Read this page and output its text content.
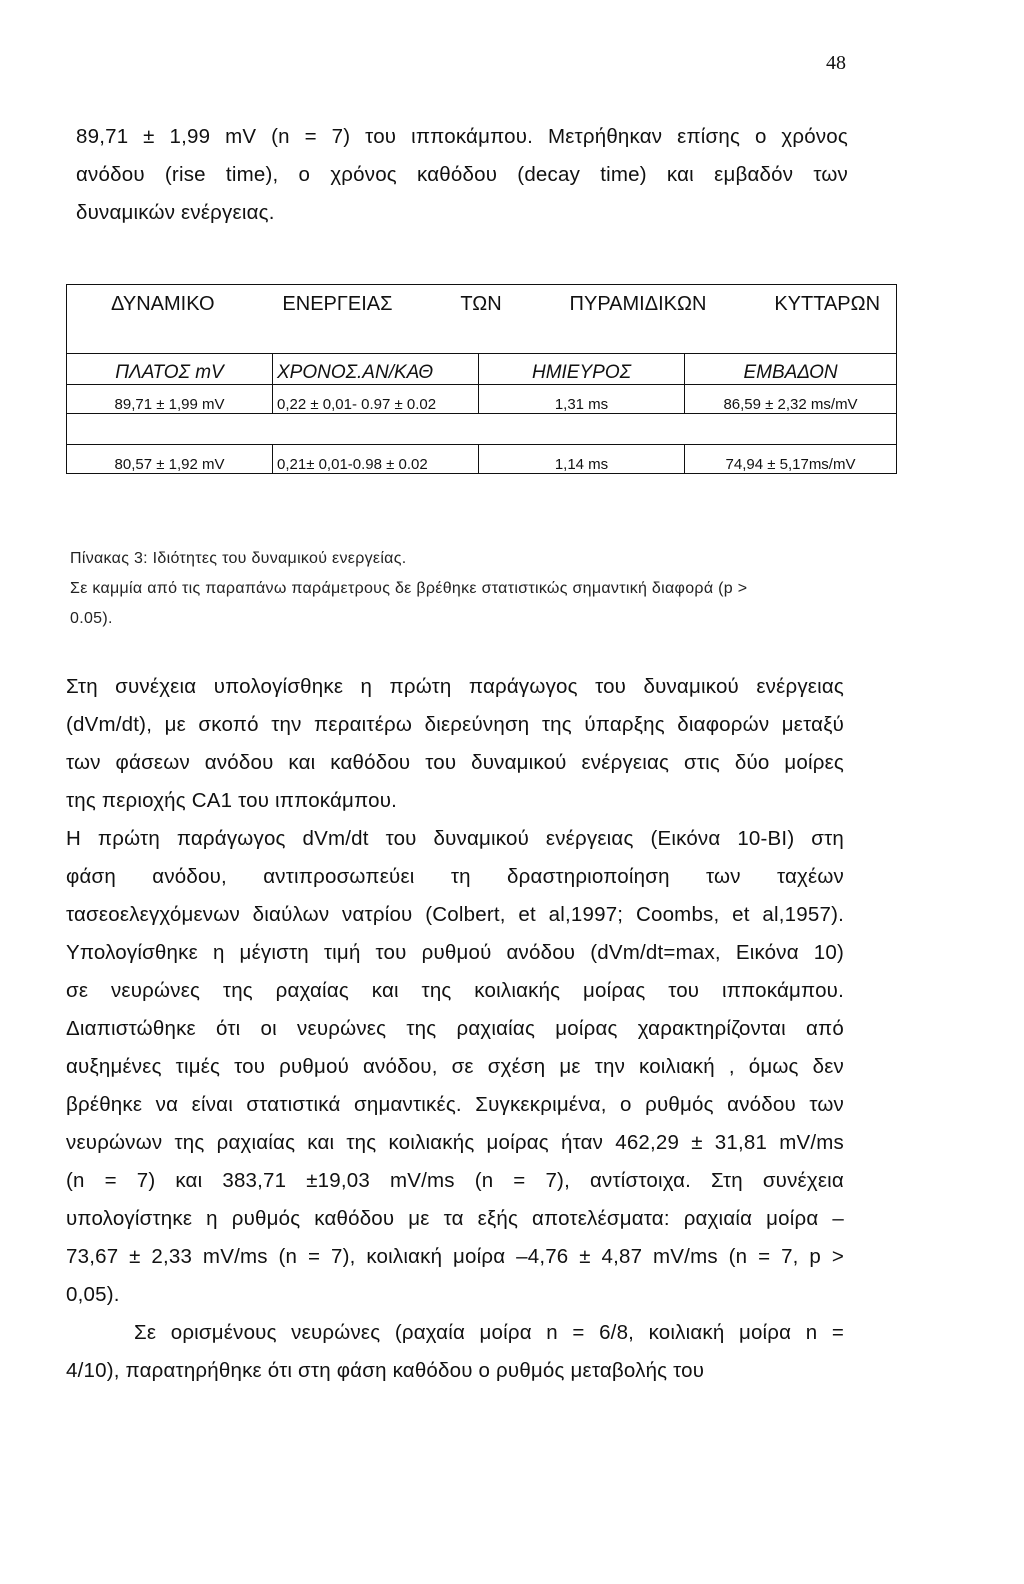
48
89,71 ± 1,99 mV (n = 7) του ιπποκάμπου. Μετρήθηκαν επίσης ο χρόνος
ανόδου (rise time), ο χρόνος καθόδου (decay time) και εμβαδόν των
δυναμικών ενέργειας.
ΔΥΝΑΜΙΚΟ ΕΝΕΡΓΕΙΑΣ ΤΩΝ ΠΥΡΑΜΙΔΙΚΩΝ ΚΥΤΤΑΡΩΝ			

ΠΛΑΤΟΣ mV	ΧΡΟΝΟΣ.ΑΝ/ΚΑΘ	ΗΜΙΕΥΡΟΣ	ΕΜΒΑΔΟΝ
89,71 ± 1,99 mV	0,22 ± 0,01- 0.97 ± 0.02	1,31 ms	86,59 ± 2,32 ms/mV

80,57 ± 1,92 mV	0,21± 0,01-0.98 ± 0.02	1,14 ms	74,94 ± 5,17ms/mV
Πίνακας 3: Ιδιότητες του δυναμικού ενεργείας.
Σε καμμία από τις παραπάνω παράμετρους δε βρέθηκε στατιστικώς σημαντική διαφορά (p >
0.05).
Στη συνέχεια υπολογίσθηκε η πρώτη παράγωγος του δυναμικού ενέργειας
(dVm/dt), με σκοπό την περαιτέρω διερεύνηση της ύπαρξης διαφορών μεταξύ
των φάσεων ανόδου και καθόδου του δυναμικού ενέργειας στις δύο μοίρες
της περιοχής CA1 του ιπποκάμπου.
Η πρώτη παράγωγος dVm/dt του δυναμικού ενέργειας (Εικόνα 10-ΒΙ) στη
φάση ανόδου, αντιπροσωπεύει τη δραστηριοποίηση των ταχέων
τασεοελεγχόμενων διαύλων νατρίου (Colbert, et al,1997; Coombs, et al,1957).
Υπολογίσθηκε η μέγιστη τιμή του ρυθμού ανόδου (dVm/dt=max, Εικόνα 10)
σε νευρώνες της ραχαίας και της κοιλιακής μοίρας του ιπποκάμπου.
Διαπιστώθηκε ότι οι νευρώνες της ραχιαίας μοίρας χαρακτηρίζονται από
αυξημένες τιμές του ρυθμού ανόδου, σε σχέση με την κοιλιακή , όμως δεν
βρέθηκε να είναι στατιστικά σημαντικές. Συγκεκριμένα, ο ρυθμός ανόδου των
νευρώνων της ραχιαίας και της κοιλιακής μοίρας ήταν 462,29 ± 31,81 mV/ms
(n = 7) και 383,71 ±19,03 mV/ms (n = 7), αντίστοιχα. Στη συνέχεια
υπολογίστηκε η ρυθμός καθόδου με τα εξής αποτελέσματα: ραχιαία μοίρα –
73,67 ± 2,33 mV/ms (n = 7), κοιλιακή μοίρα –4,76 ± 4,87 mV/ms (n = 7, p >
0,05).
Σε ορισμένους νευρώνες (ραχαία μοίρα n = 6/8, κοιλιακή μοίρα n =
4/10), παρατηρήθηκε ότι στη φάση καθόδου ο ρυθμός μεταβολής του
